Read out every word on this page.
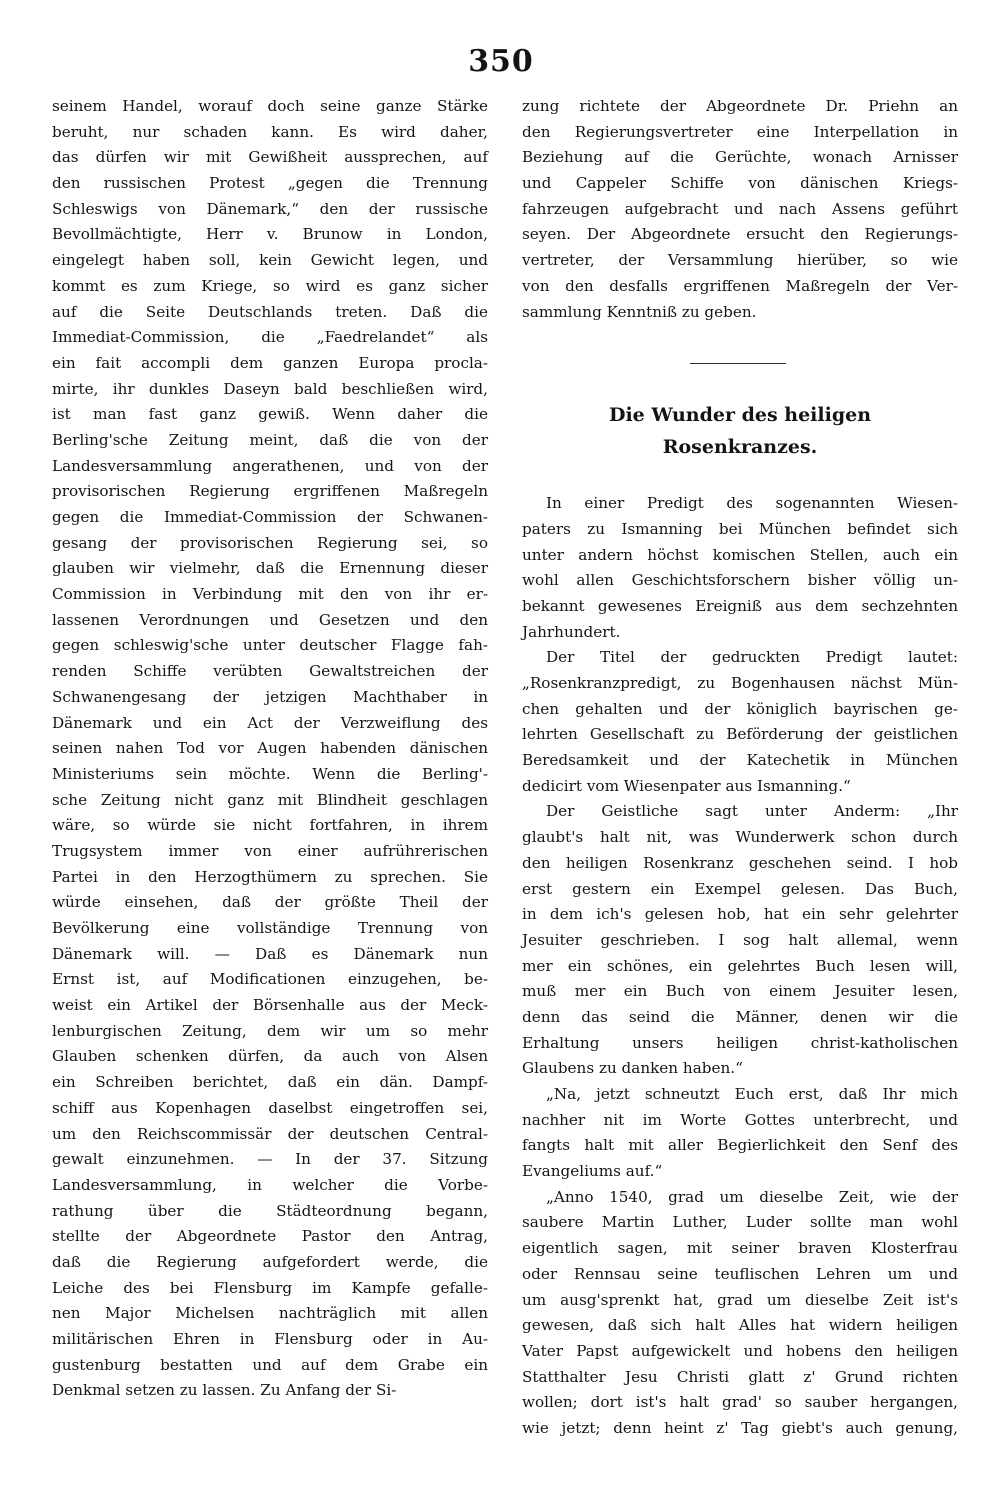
350
seinem Handel, worauf doch seine ganze Stärke
beruht, nur schaden kann. Es wird daher,
das dürfen wir mit Gewißheit aussprechen, auf
den russischen Protest „gegen die Trennung
Schleswigs von Dänemark,“ den der russische
Bevollmächtigte, Herr v. Brunow in London,
eingelegt haben soll, kein Gewicht legen, und
kommt es zum Kriege, so wird es ganz sicher
auf die Seite Deutschlands treten. Daß die
Immediat-Commission, die „Faedrelandet“ als
ein fait accompli dem ganzen Europa procla-
mirte, ihr dunkles Daseyn bald beschließen wird,
ist man fast ganz gewiß. Wenn daher die
Berling'sche Zeitung meint, daß die von der
Landesversammlung angerathenen, und von der
provisorischen Regierung ergriffenen Maßregeln
gegen die Immediat-Commission der Schwanen-
gesang der provisorischen Regierung sei, so
glauben wir vielmehr, daß die Ernennung dieser
Commission in Verbindung mit den von ihr er-
lassenen Verordnungen und Gesetzen und den
gegen schleswig'sche unter deutscher Flagge fah-
renden Schiffe verübten Gewaltstreichen der
Schwanengesang der jetzigen Machthaber in
Dänemark und ein Act der Verzweiflung des
seinen nahen Tod vor Augen habenden dänischen
Ministeriums sein möchte. Wenn die Berling'-
sche Zeitung nicht ganz mit Blindheit geschlagen
wäre, so würde sie nicht fortfahren, in ihrem
Trugsystem immer von einer aufrührerischen
Partei in den Herzogthümern zu sprechen. Sie
würde einsehen, daß der größte Theil der
Bevölkerung eine vollständige Trennung von
Dänemark will. — Daß es Dänemark nun
Ernst ist, auf Modificationen einzugehen, be-
weist ein Artikel der Börsenhalle aus der Meck-
lenburgischen Zeitung, dem wir um so mehr
Glauben schenken dürfen, da auch von Alsen
ein Schreiben berichtet, daß ein dän. Dampf-
schiff aus Kopenhagen daselbst eingetroffen sei,
um den Reichscommissär der deutschen Central-
gewalt einzunehmen. — In der 37. Sitzung
Landesversammlung, in welcher die Vorbe-
rathung über die Städteordnung begann,
stellte der Abgeordnete Pastor den Antrag,
daß die Regierung aufgefordert werde, die
Leiche des bei Flensburg im Kampfe gefalle-
nen Major Michelsen nachträglich mit allen
militärischen Ehren in Flensburg oder in Au-
gustenburg bestatten und auf dem Grabe ein
Denkmal setzen zu lassen. Zu Anfang der Si-
zung richtete der Abgeordnete Dr. Priehn an
den Regierungsvertreter eine Interpellation in
Beziehung auf die Gerüchte, wonach Arnisser
und Cappeler Schiffe von dänischen Kriegs-
fahrzeugen aufgebracht und nach Assens geführt
seyen. Der Abgeordnete ersucht den Regierungs-
vertreter, der Versammlung hierüber, so wie
von den desfalls ergriffenen Maßregeln der Ver-
sammlung Kenntniß zu geben.
Die Wunder des heiligen
Rosenkranzes.
In einer Predigt des sogenannten Wiesen-
paters zu Ismanning bei München befindet sich
unter andern höchst komischen Stellen, auch ein
wohl allen Geschichtsforschern bisher völlig un-
bekannt gewesenes Ereigniß aus dem sechzehnten
Jahrhundert.
Der Titel der gedruckten Predigt lautet:
„Rosenkranzpredigt, zu Bogenhausen nächst Mün-
chen gehalten und der königlich bayrischen ge-
lehrten Gesellschaft zu Beförderung der geistlichen
Beredsamkeit und der Katechetik in München
dedicirt vom Wiesenpater aus Ismanning.“
Der Geistliche sagt unter Anderm: „Ihr
glaubt's halt nit, was Wunderwerk schon durch
den heiligen Rosenkranz geschehen seind. I hob
erst gestern ein Exempel gelesen. Das Buch,
in dem ich's gelesen hob, hat ein sehr gelehrter
Jesuiter geschrieben. I sog halt allemal, wenn
mer ein schönes, ein gelehrtes Buch lesen will,
muß mer ein Buch von einem Jesuiter lesen,
denn das seind die Männer, denen wir die
Erhaltung unsers heiligen christ-katholischen
Glaubens zu danken haben.“
„Na, jetzt schneutzt Euch erst, daß Ihr mich
nachher nit im Worte Gottes unterbrecht, und
fangts halt mit aller Begierlichkeit den Senf des
Evangeliums auf.“
„Anno 1540, grad um dieselbe Zeit, wie der
saubere Martin Luther, Luder sollte man wohl
eigentlich sagen, mit seiner braven Klosterfrau
oder Rennsau seine teuflischen Lehren um und
um ausg'sprenkt hat, grad um dieselbe Zeit ist's
gewesen, daß sich halt Alles hat widern heiligen
Vater Papst aufgewickelt und hobens den heiligen
Statthalter Jesu Christi glatt z' Grund richten
wollen; dort ist's halt grad' so sauber hergangen,
wie jetzt; denn heint z' Tag giebt's auch genung,
